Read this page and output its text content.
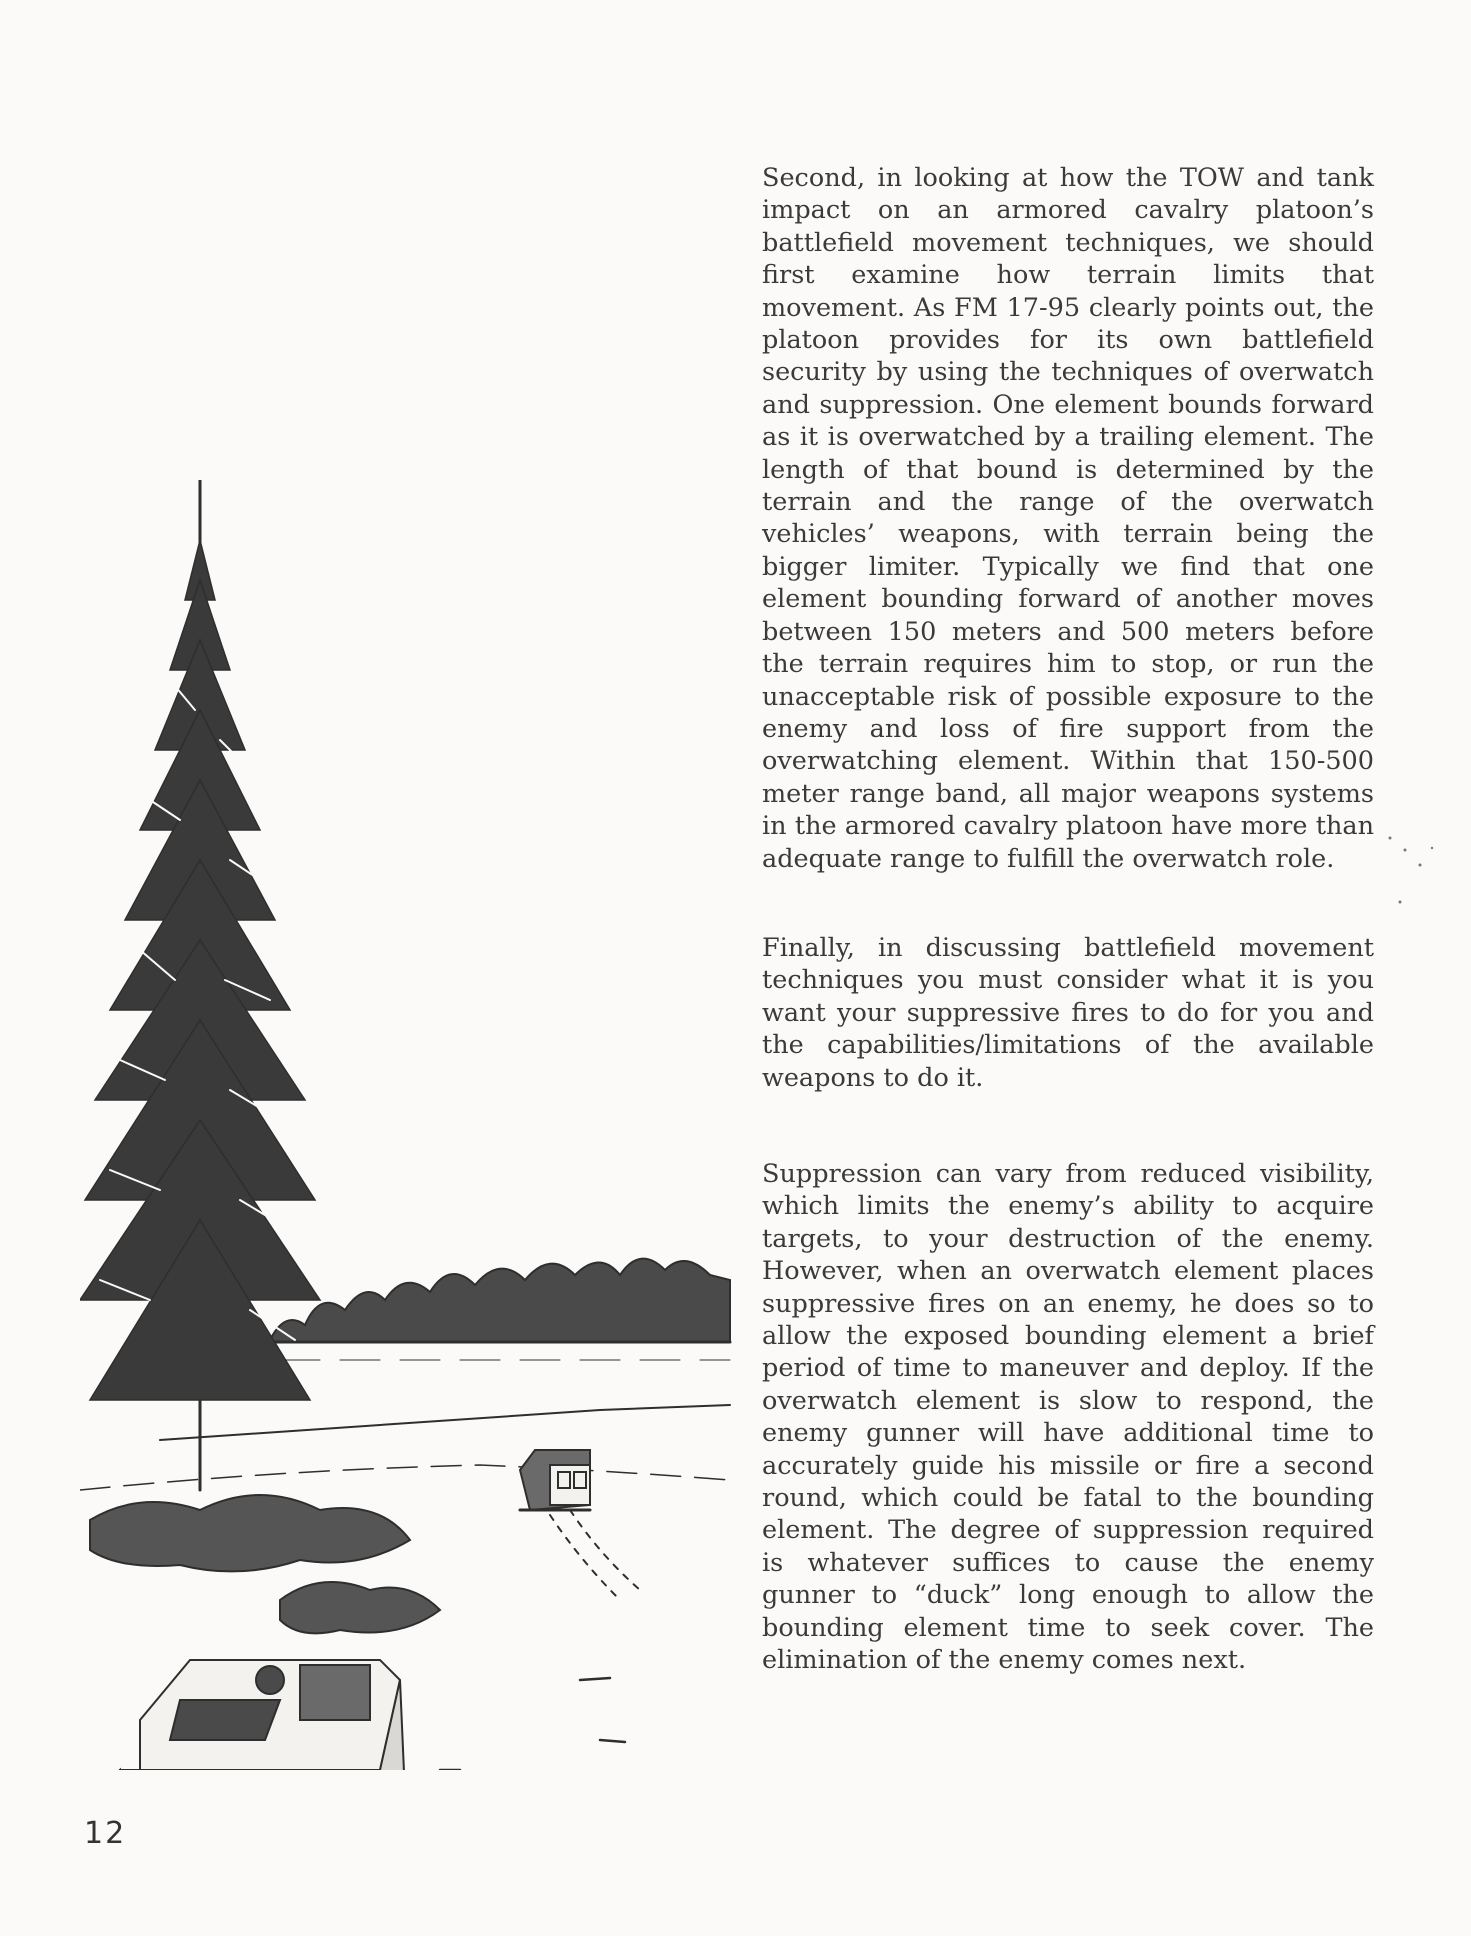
Second, in looking at how the TOW and tank impact on an armored cavalry platoon’s battlefield movement techniques, we should first examine how terrain limits that movement. As FM 17-95 clearly points out, the platoon provides for its own battlefield security by using the techniques of overwatch and suppression. One element bounds forward as it is overwatched by a trailing element. The length of that bound is determined by the terrain and the range of the overwatch vehicles’ weapons, with terrain being the bigger limiter. Typically we find that one element bounding forward of another moves between 150 meters and 500 meters before the terrain requires him to stop, or run the unacceptable risk of possible exposure to the enemy and loss of fire support from the overwatching element. Within that 150-500 meter range band, all major weapons systems in the armored cavalry platoon have more than adequate range to fulfill the overwatch role.

Finally, in discussing battlefield movement techniques you must consider what it is you want your suppressive fires to do for you and the capabilities/limitations of the available weapons to do it.

Suppression can vary from reduced visibility, which limits the enemy’s ability to acquire targets, to your destruction of the enemy. However, when an overwatch element places suppressive fires on an enemy, he does so to allow the exposed bounding element a brief period of time to maneuver and deploy. If the overwatch element is slow to respond, the enemy gunner will have additional time to accurately guide his missile or fire a second round, which could be fatal to the bounding element. The degree of suppression required is whatever suffices to cause the enemy gunner to “duck” long enough to allow the bounding element time to seek cover. The elimination of the enemy comes next.

12
